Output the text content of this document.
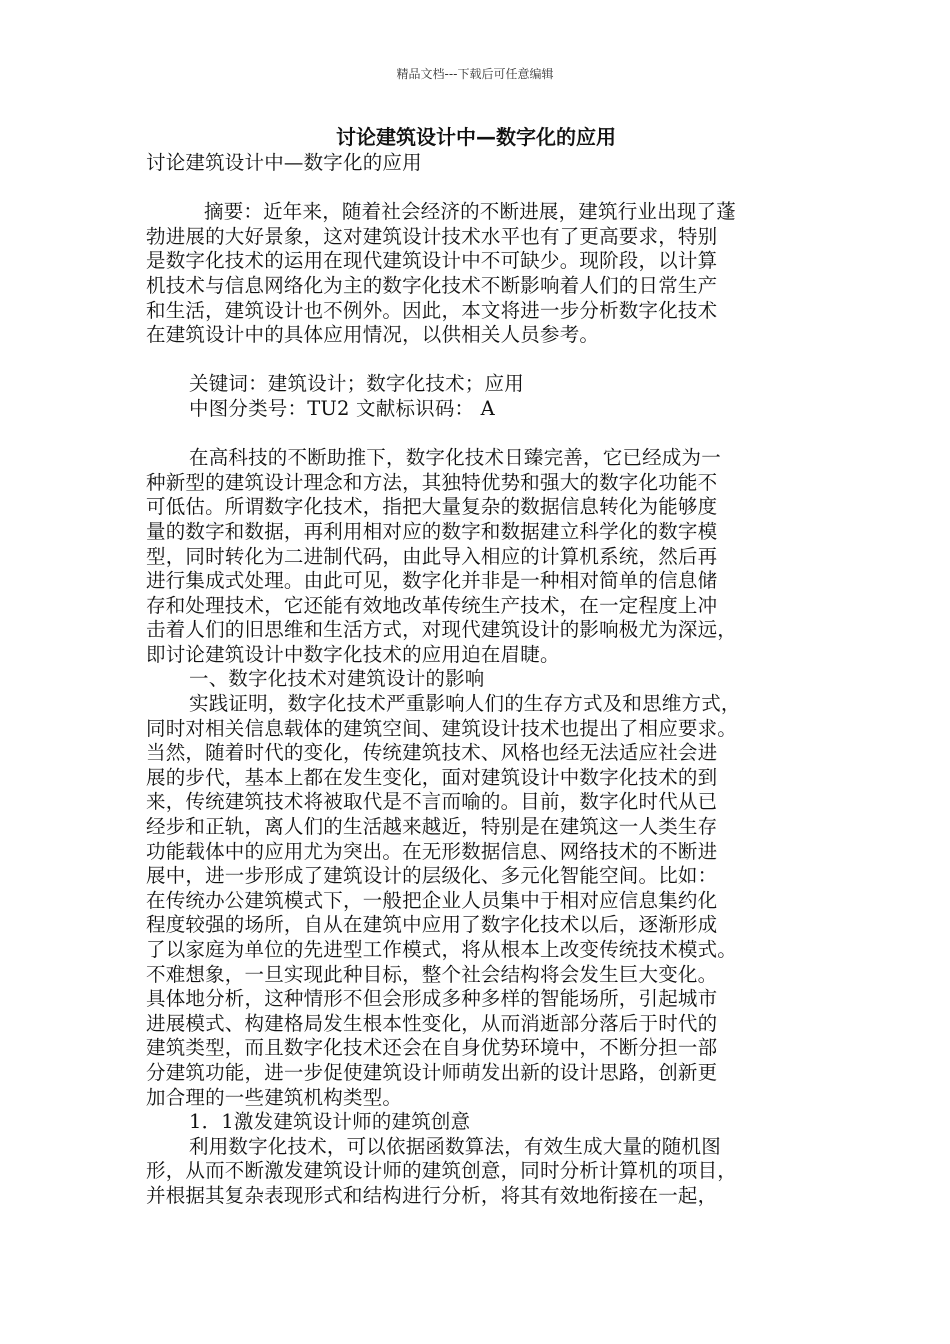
精品文档---下载后可任意编辑
讨论建筑设计中—数字化的应用
讨论建筑设计中—数字化的应用
摘要：近年来，随着社会经济的不断进展，建筑行业出现了蓬
勃进展的大好景象，这对建筑设计技术水平也有了更高要求，特别
是数字化技术的运用在现代建筑设计中不可缺少。现阶段，以计算
机技术与信息网络化为主的数字化技术不断影响着人们的日常生产
和生活，建筑设计也不例外。因此，本文将进一步分析数字化技术
在建筑设计中的具体应用情况，以供相关人员参考。
关键词：建筑设计；数字化技术；应用
中图分类号：TU2 文献标识码： A
在高科技的不断助推下，数字化技术日臻完善，它已经成为一
种新型的建筑设计理念和方法，其独特优势和强大的数字化功能不
可低估。所谓数字化技术，指把大量复杂的数据信息转化为能够度
量的数字和数据，再利用相对应的数字和数据建立科学化的数字模
型，同时转化为二进制代码，由此导入相应的计算机系统，然后再
进行集成式处理。由此可见，数字化并非是一种相对简单的信息储
存和处理技术，它还能有效地改革传统生产技术，在一定程度上冲
击着人们的旧思维和生活方式，对现代建筑设计的影响极尤为深远，
即讨论建筑设计中数字化技术的应用迫在眉睫。
一、数字化技术对建筑设计的影响
实践证明，数字化技术严重影响人们的生存方式及和思维方式，
同时对相关信息载体的建筑空间、建筑设计技术也提出了相应要求。
当然，随着时代的变化，传统建筑技术、风格也经无法适应社会进
展的步代，基本上都在发生变化，面对建筑设计中数字化技术的到
来，传统建筑技术将被取代是不言而喻的。目前，数字化时代从已
经步和正轨，离人们的生活越来越近，特别是在建筑这一人类生存
功能载体中的应用尤为突出。在无形数据信息、网络技术的不断进
展中，进一步形成了建筑设计的层级化、多元化智能空间。比如：
在传统办公建筑模式下，一般把企业人员集中于相对应信息集约化
程度较强的场所，自从在建筑中应用了数字化技术以后，逐渐形成
了以家庭为单位的先进型工作模式，将从根本上改变传统技术模式。
不难想象，一旦实现此种目标，整个社会结构将会发生巨大变化。
具体地分析，这种情形不但会形成多种多样的智能场所，引起城市
进展模式、构建格局发生根本性变化，从而消逝部分落后于时代的
建筑类型，而且数字化技术还会在自身优势环境中，不断分担一部
分建筑功能，进一步促使建筑设计师萌发出新的设计思路，创新更
加合理的一些建筑机构类型。
1．1激发建筑设计师的建筑创意
利用数字化技术，可以依据函数算法，有效生成大量的随机图
形，从而不断激发建筑设计师的建筑创意，同时分析计算机的项目，
并根据其复杂表现形式和结构进行分析，将其有效地衔接在一起，
